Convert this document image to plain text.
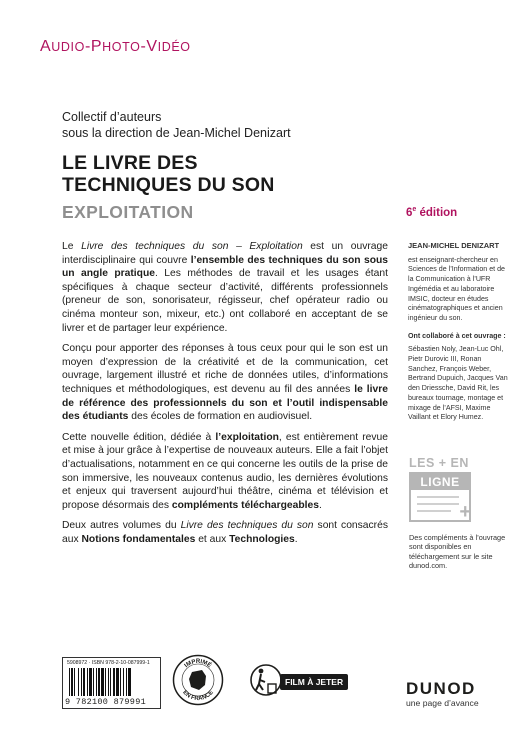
AUDIO-PHOTO-VIDÉO
Collectif d’auteurs
sous la direction de Jean-Michel Denizart
LE LIVRE DES
TECHNIQUES DU SON
EXPLOITATION	6e édition

Le Livre des techniques du son – Exploitation est un ouvrage interdisciplinaire qui couvre l’ensemble des techniques du son sous un angle pratique. Les méthodes de travail et les usages étant spécifiques à chaque secteur d’activité, différents professionnels (preneur de son, sonorisateur, régisseur, chef opérateur radio ou cinéma monteur son, mixeur, etc.) ont collaboré en acceptant de se livrer et de partager leur expérience.

Conçu pour apporter des réponses à tous ceux pour qui le son est un moyen d’expression de la créativité et de la communication, cet ouvrage, largement illustré et riche de données utiles, d’informations techniques et méthodologiques, est devenu au fil des années le livre de référence des professionnels du son et l’outil indispensable des étudiants des écoles de formation en audiovisuel.

Cette nouvelle édition, dédiée à l’exploitation, est entièrement revue et mise à jour grâce à l’expertise de nouveaux auteurs. Elle a fait l’objet d’actualisations, notamment en ce qui concerne les outils de la prise de son immersive, les nouveaux contenus audio, les dernières évolutions et enjeux qui traversent aujourd’hui théâtre, cinéma et télévision et propose désormais des compléments téléchargeables.

Deux autres volumes du Livre des techniques du son sont consacrés aux Notions fondamentales et aux Technologies.

JEAN-MICHEL DENIZART
est enseignant-chercheur en Sciences de l’Information et de la Communication à l’UFR Ingémédia et au laboratoire IMSIC, docteur en études cinématographiques et ancien ingénieur du son.
Ont collaboré à cet ouvrage :
Sébastien Noly, Jean-Luc Ohl, Pietr Durovic III, Ronan Sanchez, François Weber, Bertrand Dupuich, Jacques Van den Driessche, David Rit, les bureaux tournage, montage et mixage de l’AFSI, Maxime Vaillant et Elory Humez.
LES + EN
LIGNE
+
Des compléments à l’ouvrage sont disponibles en téléchargement sur le site dunod.com.
5908972 · ISBN 978-2-10-087999-1
9 782100 879991
IMPRIMÉ
EN FRANCE
FILM À JETER	DUNOD
une page d’avance
